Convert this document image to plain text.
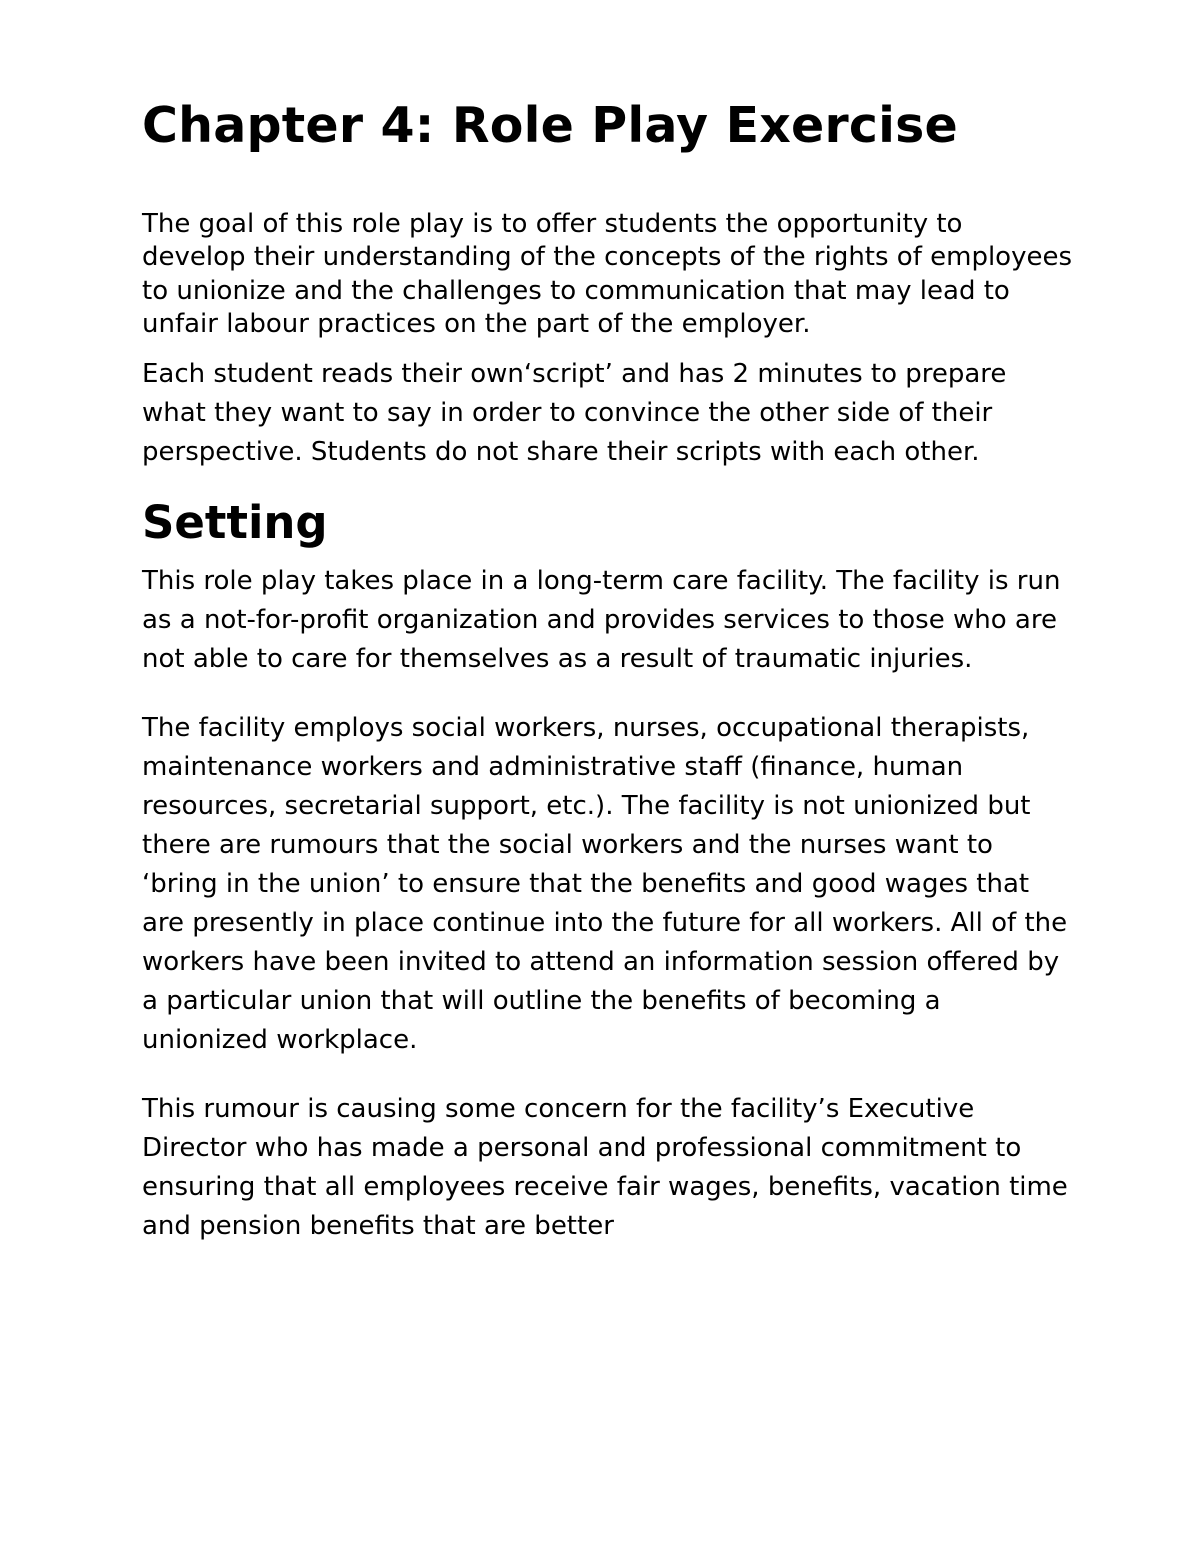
Chapter 4: Role Play Exercise

The goal of this role play is to offer students the opportunity to develop their understanding of the concepts of the rights of employees to unionize and the challenges to communication that may lead to unfair labour practices on the part of the employer.

Each student reads their own‘script’ and has 2 minutes to prepare what they want to say in order to convince the other side of their perspective. Students do not share their scripts with each other.

Setting

This role play takes place in a long-term care facility. The facility is run as a not-for-profit organization and provides services to those who are not able to care for themselves as a result of traumatic injuries.

The facility employs social workers, nurses, occupational therapists, maintenance workers and administrative staff (finance, human resources, secretarial support, etc.). The facility is not unionized but there are rumours that the social workers and the nurses want to ‘bring in the union’ to ensure that the benefits and good wages that are presently in place continue into the future for all workers. All of the workers have been invited to attend an information session offered by a particular union that will outline the benefits of becoming a unionized workplace.

This rumour is causing some concern for the facility’s Executive Director who has made a personal and professional commitment to ensuring that all employees receive fair wages, benefits, vacation time and pension benefits that are better
